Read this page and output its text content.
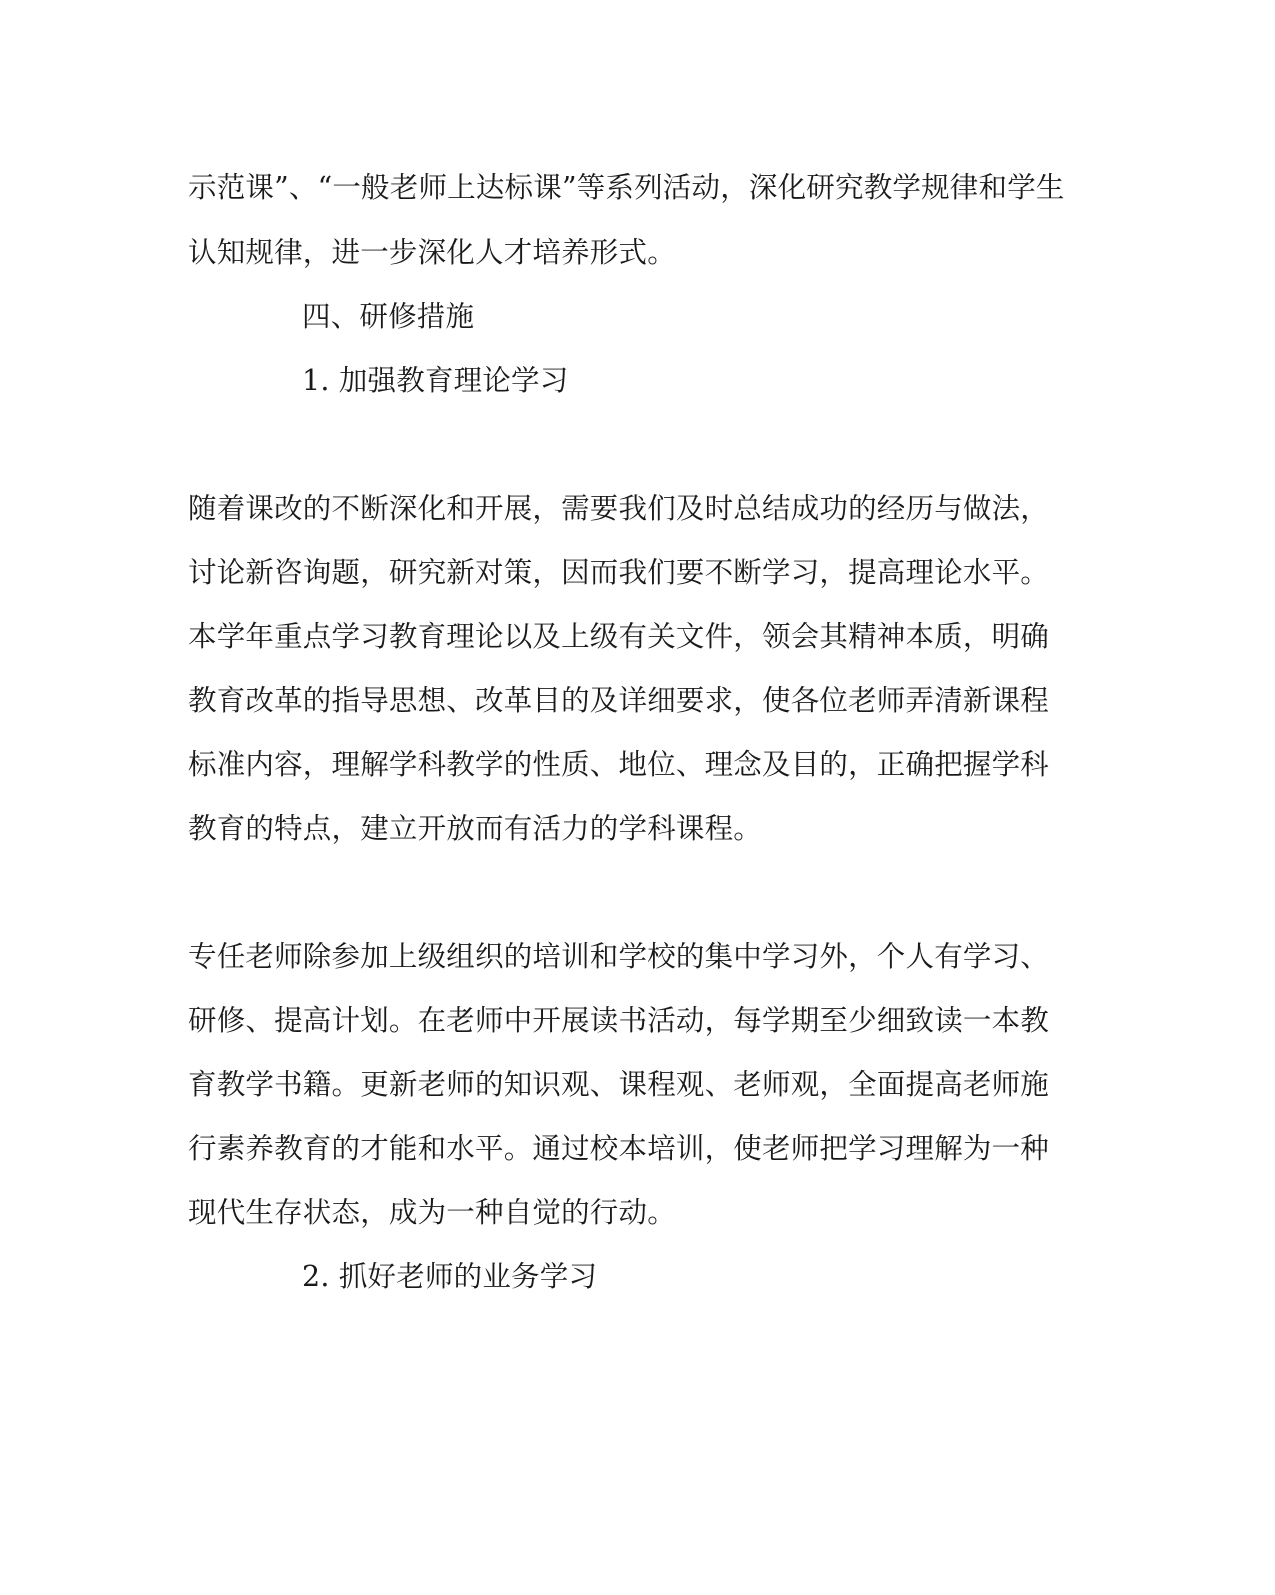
示范课”、“一般老师上达标课”等系列活动，深化研究教学规律和学生
认知规律，进一步深化人才培养形式。
四、研修措施
1. 加强教育理论学习
随着课改的不断深化和开展，需要我们及时总结成功的经历与做法，
讨论新咨询题，研究新对策，因而我们要不断学习，提高理论水平。
本学年重点学习教育理论以及上级有关文件，领会其精神本质，明确
教育改革的指导思想、改革目的及详细要求，使各位老师弄清新课程
标准内容，理解学科教学的性质、地位、理念及目的，正确把握学科
教育的特点，建立开放而有活力的学科课程。
专任老师除参加上级组织的培训和学校的集中学习外，个人有学习、
研修、提高计划。在老师中开展读书活动，每学期至少细致读一本教
育教学书籍。更新老师的知识观、课程观、老师观，全面提高老师施
行素养教育的才能和水平。通过校本培训，使老师把学习理解为一种
现代生存状态，成为一种自觉的行动。
2. 抓好老师的业务学习
